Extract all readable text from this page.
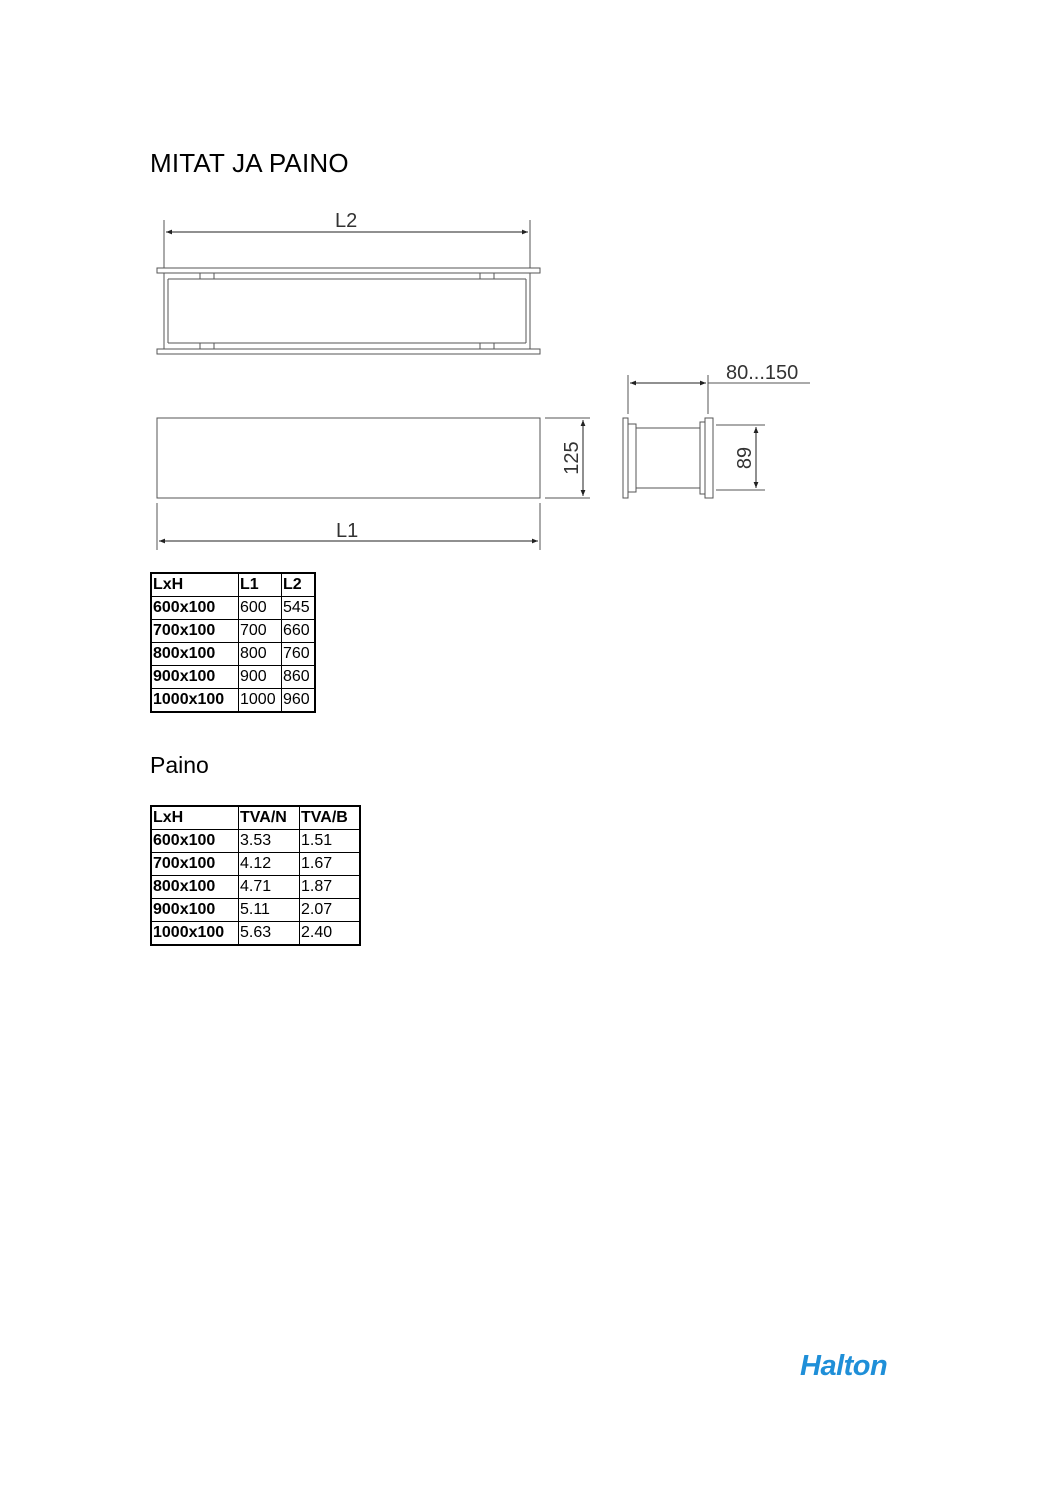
MITAT JA PAINO
L2
125
L1
80...150
89
LxH	L1	L2
600x100	600	545
700x100	700	660
800x100	800	760
900x100	900	860
1000x100	1000	960
Paino
LxH	TVA/N	TVA/B
600x100	3.53	1.51
700x100	4.12	1.67
800x100	4.71	1.87
900x100	5.11	2.07
1000x100	5.63	2.40
Halton
